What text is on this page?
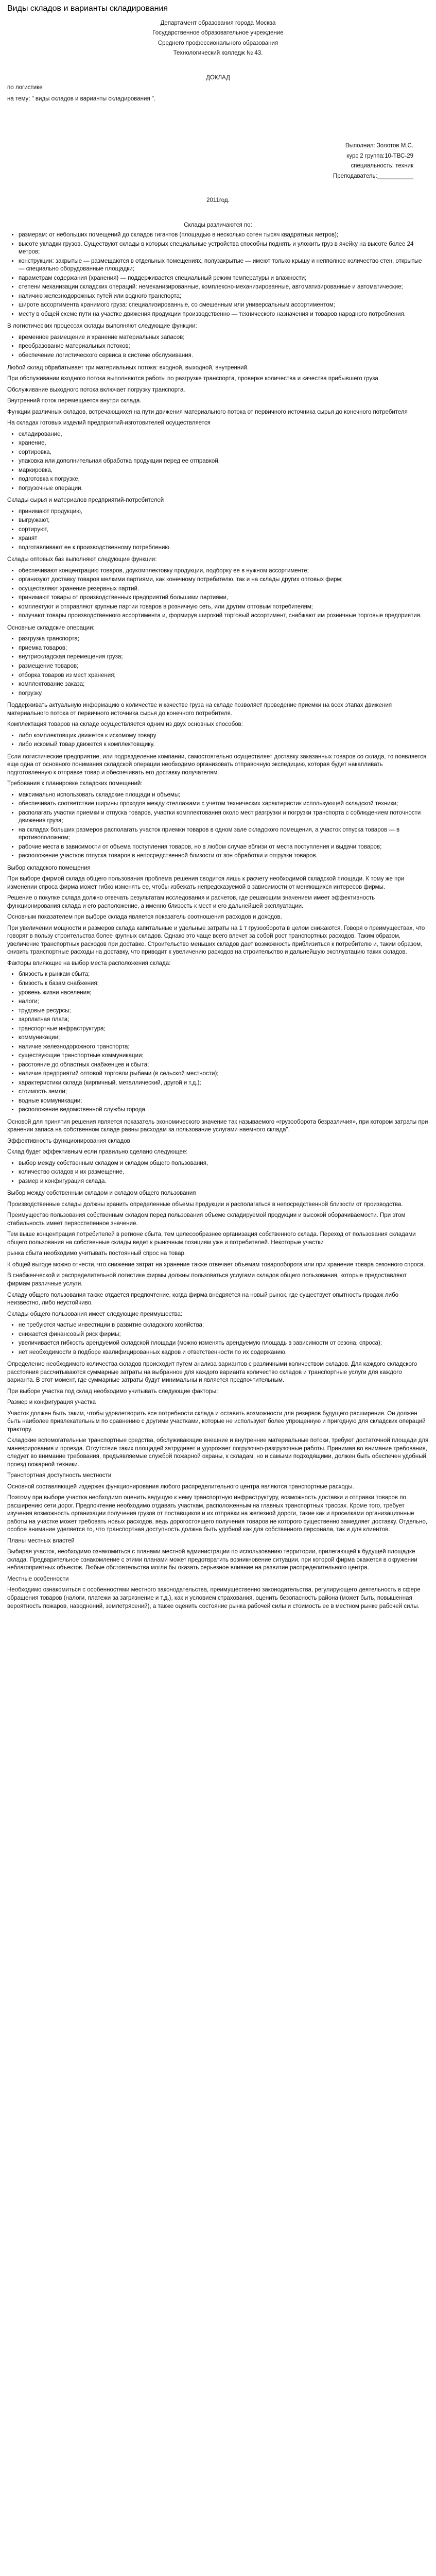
Виды складов и варианты складирования

Департамент образования города Москва

Государственное образовательное учреждение

Среднего профессионального образования

Технологический колледж № 43.

ДОКЛАД

по логистике

на тему: " виды складов и варианты складирования ".

Выполнил: Золотов М.С.

курс 2 группа:10-ТВС-29

специальность: техник

Преподаватель:___________

2011год.

Склады различаются по:

• размерам: от небольших помещений до складов гигантов (площадью в несколько сотен тысяч квадратных метров);
• высоте укладки грузов. Существуют склады в которых специальные устройства способны поднять и уложить груз в ячейку на высоте более 24 метров;
• конструкции: закрытые — размещаются в отдельных помещениях, полузакрытые — имеют только крышу и непполное количество стен, открытые — специально оборудованные площадки;
• параметрам содержания (хранения) — поддерживается специальный режим температуры и влажности;
• степени механизации складских операций: немеханизированные, комплексно-механизированные, автоматизированные и автоматические;
• наличию железнодорожных путей или водного транспорта;
• широте ассортимента хранимого груза: специализированные, со смешенным или универсальным ассортиментом;
• месту в общей схеме пути на участке движения продукции производственно — технического назначения и товаров народного потребления.

В логистических процессах склады выполняют следующие функции:

• временное размещение и хранение материальных запасов;
• преобразование материальных потоков;
• обеспечение логистического сервиса в системе обслуживания.

Любой склад обрабатывает три материальных потока: входной, выходной, внутренний.

При обслуживании входного потока выполняются работы по разгрузке транспорта, проверке количества и качества прибывшего груза.

Обслуживание выходного потока включает погрузку транспорта.

Внутренний поток перемещается внутри склада.

Функции различных складов, встречающихся на пути движения материального потока от первичного источника сырья до конечного потребителя

На складах готовых изделий предприятий-изготовителей осуществляется

• складирование,
• хранение,
• сортировка,
• упаковка или дополнительная обработка продукции перед ее отправкой,
• маркировка,
• подготовка к погрузке,
• погрузочные операции.

Склады сырья и материалов предприятий-потребителей

• принимают продукцию,
• выгружают,
• сортируют,
• хранят
• подготавливают ее к производственному потреблению.

Склады оптовых баз выполняют следующие функции:

• обеспечивают концентрацию товаров, доукомплектовку продукции, подборку ее в нужном ассортименте;
• организуют доставку товаров мелкими партиями, как конечному потребителю, так и на склады других оптовых фирм;
• осуществляют хранение резервных партий.
• принимают товары от производственных предприятий большими партиями,
• комплектуют и отправляют крупные партии товаров в розничную сеть, или другим оптовым потребителям;
• получают товары производственного ассортимента и, формируя широкий торговый ассортимент, снабжают им розничные торговые предприятия.

Основные складские операции:

• разгрузка транспорта;
• приемка товаров;
• внутрискладская перемещения груза;
• размещение товаров;
• отборка товаров из мест хранения;
• комплектование заказа;
• погрузку.

Поддерживать актуальную информацию о количестве и качестве груза на складе позволяет проведение приемки на всех этапах движения материального потока от первичного источника сырья до конечного потребителя.

Комплектация товаров на складе осуществляется одним из двух основных способов:

• либо комплектовщик движется к искомому товару
• либо искомый товар движется к комплектовщику.

Если логистические предприятие, или подразделение компании, самостоятельно осуществляет доставку заказанных товаров со склада, то появляется еще одна от основного понимания складской операции необходимо организовать отправочную экспедицию, которая будет накапливать подготовленную к отправке товар и обеспечивать его доставку получателям.

Требования к планировке складских помещений:

• максимально использовать складские площади и объемы;
• обеспечивать соответствие ширины проходов между стеллажами с учетом технических характеристик использующей складской техники;
• располагать участки приемки и отпуска товаров, участки комплектования около мест разгрузки и погрузки транспорта с соблюдением поточности движения груза;
• на складах больших размеров располагать участок приемки товаров в одном зале складского помещения, а участок отпуска товаров — в противоположном;
• рабочие места в зависимости от объема поступления товаров, но в любом случае вблизи от места поступления и выдачи товаров;
• расположение участков отпуска товаров в непосредственной близости от зон обработки и отгрузки товаров.

Выбор складского помещения

При выборе фирмой склада общего пользования проблема решения сводится лишь к расчету необходимой складской площади. К тому же при изменении спроса фирма может гибко изменять ее, чтобы избежать непредсказуемой в зависимости от меняющихся интересов фирмы.

Решение о покупке склада должно отвечать результатам исследования и расчетов, где решающим значением имеет эффективность функционирования склада и его расположение, а именно близость к мест и его дальнейшей эксплуатации.

Основным показателем при выборе склада является показатель соотношения расходов и доходов.

При увеличении мощности и размеров склада капитальные и удельные затраты на 1 т грузооборота в целом снижаются. Говоря о преимуществах, что говорят в пользу строительства более крупных складов. Однако это чаще всего влечет за собой рост транспортных расходов. Таким образом, увеличение транспортных расходов при доставке. Строительство меньших складов дает возможность приблизиться к потребителю и, таким образом, снизить транспортные расходы на доставку, что приводит к увеличению расходов на строительство и дальнейшую эксплуатацию таких складов.

Факторы влияющие на выбор места расположения склада:

• близость к рынкам сбыта;
• близость к базам снабжения;
• уровень жизни населения;
• налоги;
• трудовые ресурсы;
• зарплатная плата;
• транспортные инфраструктура;
• коммуникации;
• наличие железнодорожного транспорта;
• существующие транспортные коммуникации;
• расстояние до областных снабженцев и сбыта;
• наличие предприятий оптовой торговли рыбами (в сельской местности);
• характеристики склада (кирпичный, металлический, другой и т.д.);
• стоимость земли;
• водные коммуникации;
• расположение ведомственной службы города.

Основой для принятия решения является показатель экономического значение так называемого «грузооборота безразличия», при котором затраты при хранении запаса на собственном складе равны расходам за пользование услугами наемного склада".

Эффективность функционирования складов

Склад будет эффективным если правильно сделано следующее:

• выбор между собственным складом и складом общего пользования,
• количество складов и их размещение,
• размер и конфигурация склада.

Выбор между собственным складом и складом общего пользования

Производственные склады должны хранить определенные объемы продукции и располагаться в непосредственной близости от производства.

Преимущество пользования собственным складом перед пользования объеме складируемой продукции и высокой оборачиваемости. При этом стабильность имеет первостепенное значение.

Тем выше концентрация потребителей в регионе сбыта, тем целесообразнее организация собственного склада. Переход от пользования складами общего пользования на собственные склады ведет к рыночным позициям уже и потребителей. Некоторые участки

рынка сбыта необходимо учитывать постоянный спрос на товар.

К общей выгоде можно отнести, что снижение затрат на хранение также отвечает объемам товарооборота или при хранение товара сезонного спроса.

В снабженческой и распределительной логистике фирмы должны пользоваться услугами складов общего пользования, которые предоставляют фирмам различные услуги.

Складу общего пользования также отдается предпочтение, когда фирма внедряется на новый рынок, где существует опытность продаж либо неизвестно, либо неустойчиво.

Склады общего пользования имеет следующие преимущества:

• не требуются частые инвестиции в развитие складского хозяйства;
• снижается финансовый риск фирмы;
• увеличивается гибкость арендуемой складской площади (можно изменять арендуемую площадь в зависимости от сезона, спроса);
• нет необходимости в подборе квалифицированных кадров и ответственности по их содержанию.

Определение необходимого количества складов происходит путем анализа вариантов с различными количеством складов. Для каждого складского расстояния рассчитываются суммарные затраты на выбранное для каждого варианта количество складов и транспортные услуги для каждого варианта. В этот момент, где суммарные затраты будут минимальны и является предпочтительным.

При выборе участка под склад необходимо учитывать следующие факторы:

Размер и конфигурация участка

Участок должен быть таким, чтобы удовлетворить все потребности склада и оставить возможности для резервов будущего расширения. Он должен быть наиболее привлекательным по сравнению с другими участками, которые не используют более упрощенную и пригодную для складских операций трактору.

Складские вспомогательные транспортные средства, обслуживающие внешние и внутренние материальные потоки, требуют достаточной площади для маневрирования и проезда. Отсутствие таких площадей затрудняет и удорожает погрузочно-разгрузочные работы. Принимая во внимание требования, следует во внимание требования, предъявляемые службой пожарной охраны, к складам, но и самыми подходящими, должен быть обеспечен удобный проезд пожарной техники.

Транспортная доступность местности

Основной составляющей издержек функционирования любого распределительного центра являются транспортные расходы.

Поэтому при выборе участка необходимо оценить ведущую к нему транспортную инфраструктуру, возможность доставки и отправки товаров по расширению сети дорог. Предпочтение необходимо отдавать участкам, расположенным на главных транспортных трассах. Кроме того, требует изучения возможность организации получения грузов от поставщиков и их отправки на железной дороги, такие как и проселками организационные работы на участке может требовать новых расходов, ведь дорогостоящего получения товаров не которого существенно замедляет доставку. Отдельно, особое внимание уделяется то, что транспортная доступность должна быть удобной как для собственного персонала, так и для клиентов.

Планы местных властей

Выбирая участок, необходимо ознакомиться с планами местной администрации по использованию территории, прилегающей к будущей площадке склада. Предварительное ознакомление с этими планами может предотвратить возникновение ситуации, при которой фирма окажется в окружении неблагоприятных объектов. Любые обстоятельства могли бы оказать серьезное влияние на развитие распределительного центра.

Местные особенности

Необходимо ознакомиться с особенностями местного законодательства, преимущественно законодательства, регулирующего деятельность в сфере обращения товаров (налоги, платежи за загрязнение и т.д.), как и условием страхования, оценить безопасность района (может быть, повышенная вероятность пожаров, наводнений, землетрясений), а также оценить состояние рынка рабочей силы и стоимость ее в местном рынке рабочей силы.
